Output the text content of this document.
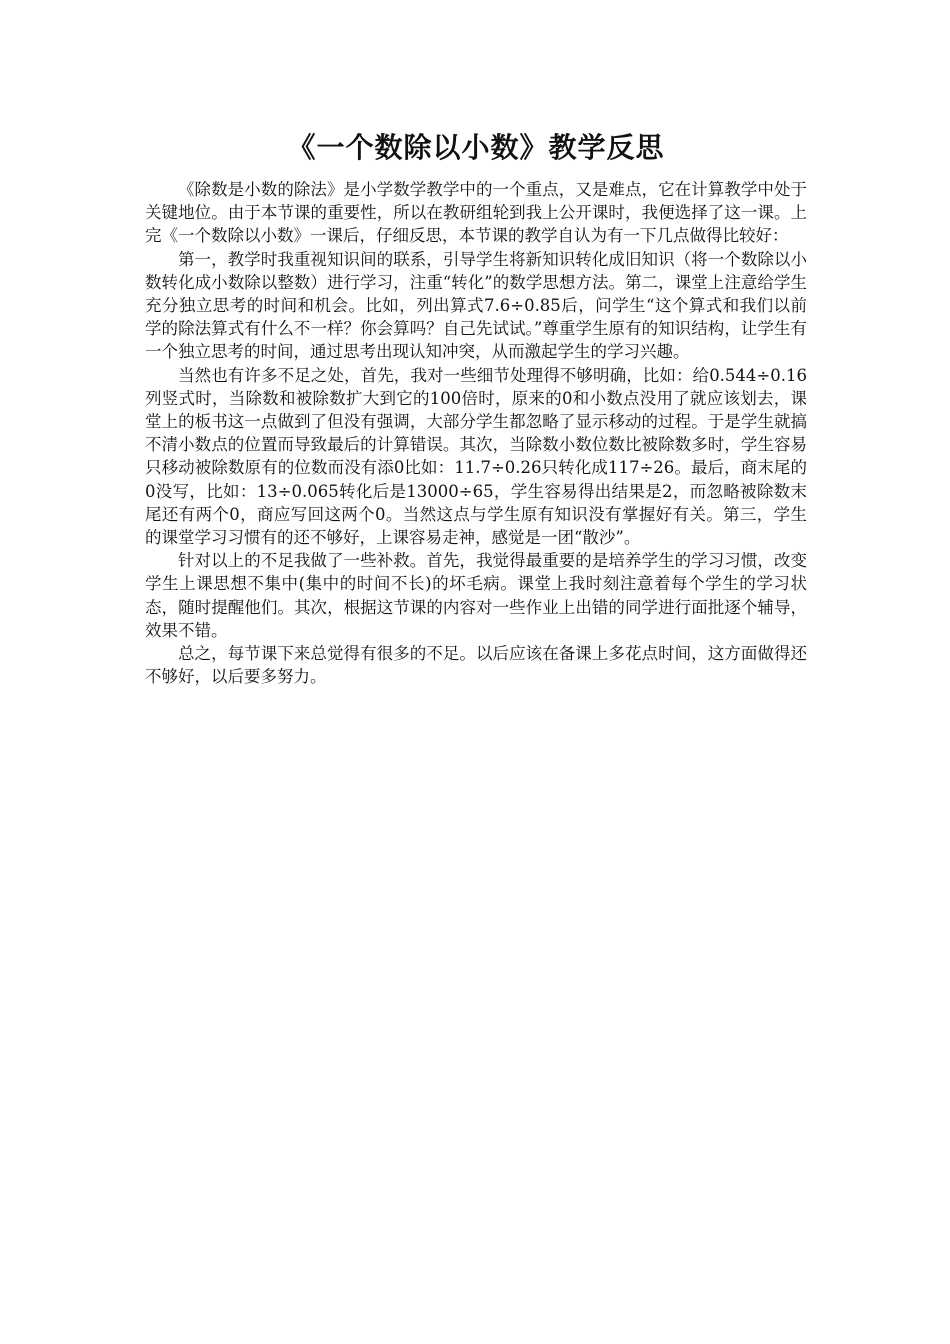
《一个数除以小数》教学反思

《除数是小数的除法》是小学数学教学中的一个重点，又是难点，它在计算教学中处于关键地位。由于本节课的重要性，所以在教研组轮到我上公开课时，我便选择了这一课。上完《一个数除以小数》一课后，仔细反思，本节课的教学自认为有一下几点做得比较好：

第一，教学时我重视知识间的联系，引导学生将新知识转化成旧知识（将一个数除以小数转化成小数除以整数）进行学习，注重“转化”的数学思想方法。第二，课堂上注意给学生充分独立思考的时间和机会。比如，列出算式7.6÷0.85后，问学生“这个算式和我们以前学的除法算式有什么不一样？你会算吗？自己先试试。”尊重学生原有的知识结构，让学生有一个独立思考的时间，通过思考出现认知冲突，从而激起学生的学习兴趣。

当然也有许多不足之处，首先，我对一些细节处理得不够明确，比如：给0.544÷0.16列竖式时，当除数和被除数扩大到它的100倍时，原来的0和小数点没用了就应该划去，课堂上的板书这一点做到了但没有强调，大部分学生都忽略了显示移动的过程。于是学生就搞不清小数点的位置而导致最后的计算错误。其次，当除数小数位数比被除数多时，学生容易只移动被除数原有的位数而没有添0比如：11.7÷0.26只转化成117÷26。最后，商末尾的0没写，比如：13÷0.065转化后是13000÷65，学生容易得出结果是2，而忽略被除数末尾还有两个0，商应写回这两个0。当然这点与学生原有知识没有掌握好有关。第三，学生的课堂学习习惯有的还不够好，上课容易走神，感觉是一团“散沙”。

针对以上的不足我做了一些补救。首先，我觉得最重要的是培养学生的学习习惯，改变学生上课思想不集中(集中的时间不长)的坏毛病。课堂上我时刻注意着每个学生的学习状态，随时提醒他们。其次，根据这节课的内容对一些作业上出错的同学进行面批逐个辅导，效果不错。

总之，每节课下来总觉得有很多的不足。以后应该在备课上多花点时间，这方面做得还不够好，以后要多努力。
